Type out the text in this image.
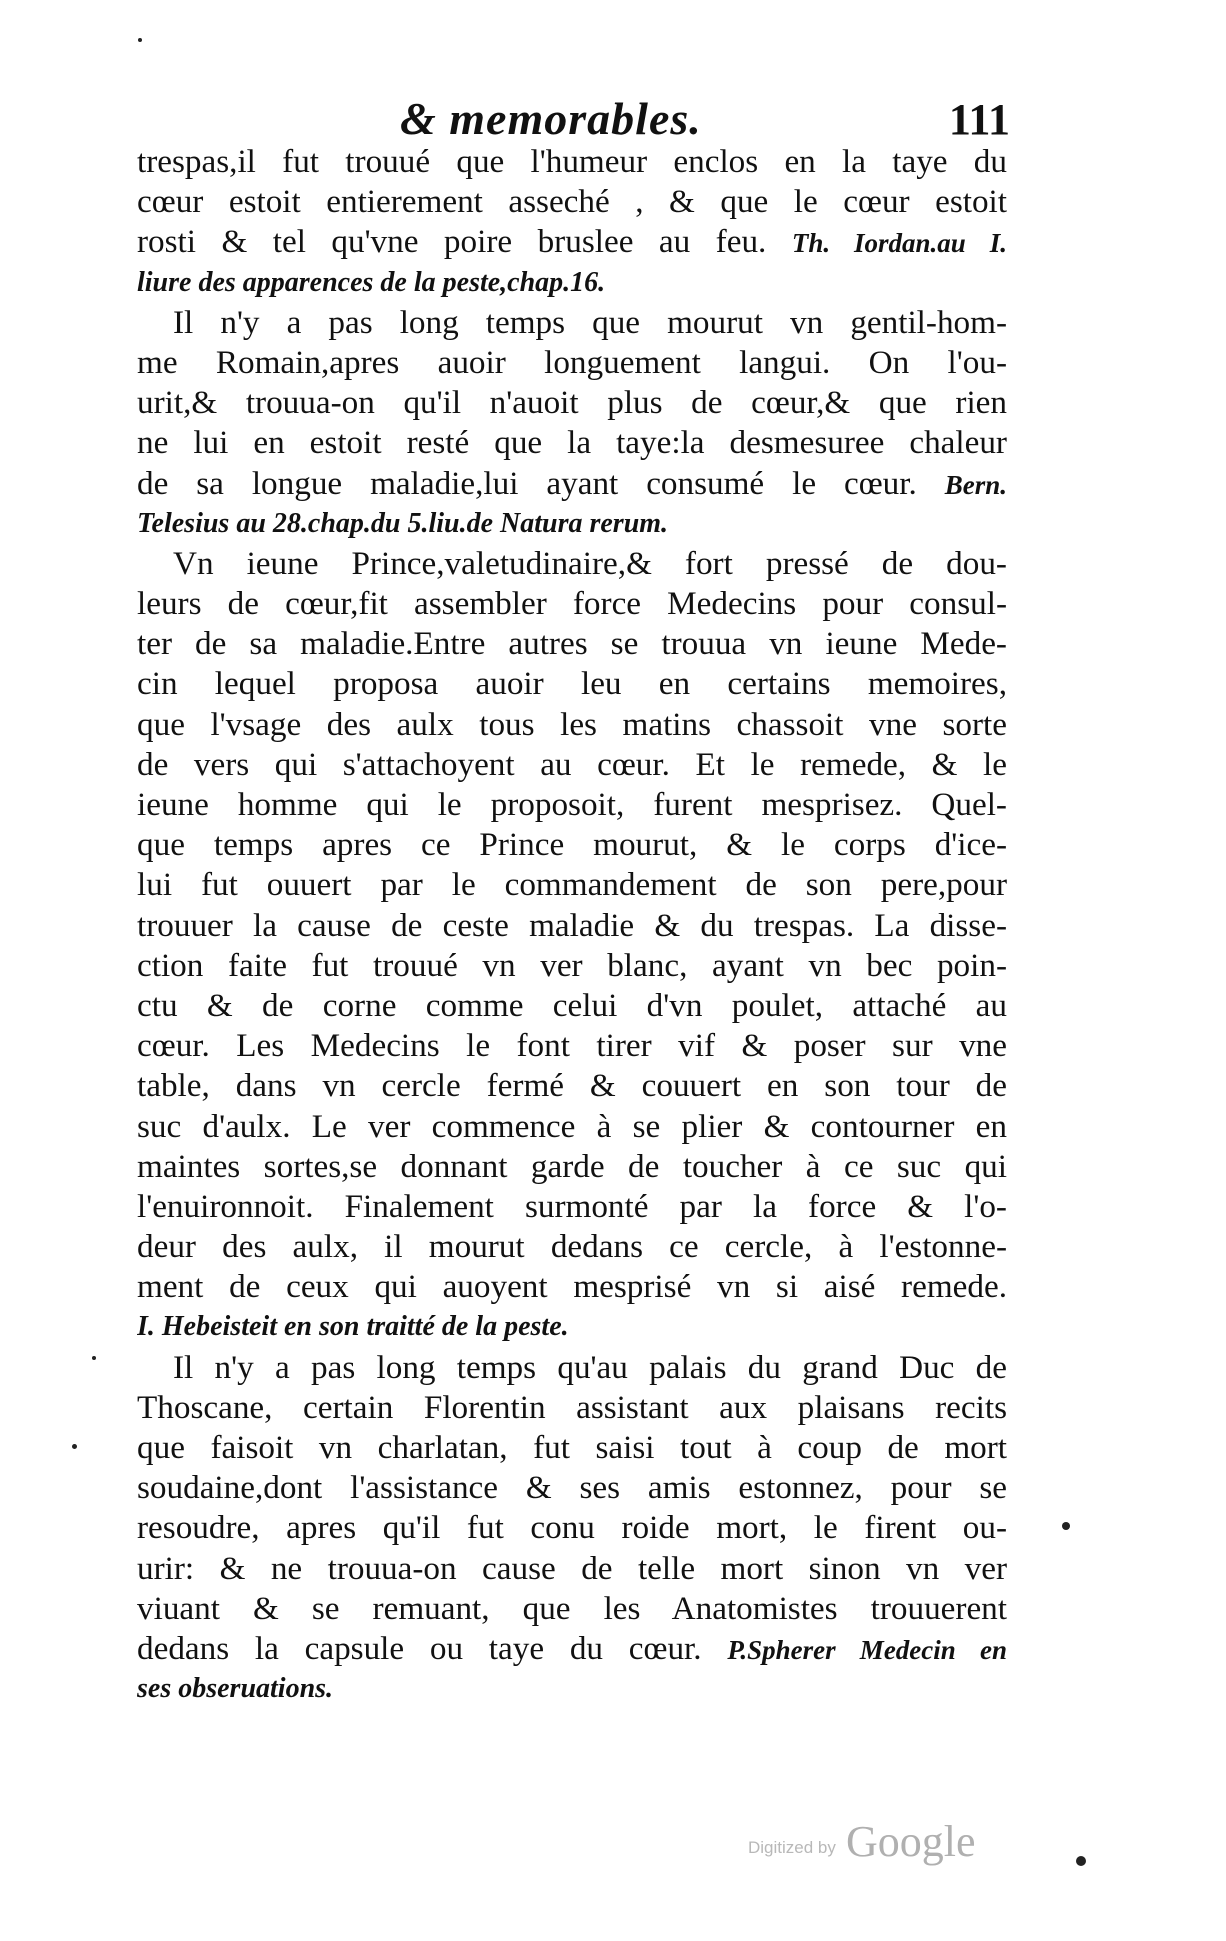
& memorables.	111
trespas,il fut trouué que l'humeur enclos en la taye du
cœur estoit entierement asseché , & que le cœur estoit
rosti & tel qu'vne poire bruslee au feu. Th. Iordan.au I.
liure des apparences de la peste,chap.16.
Il n'y a pas long temps que mourut vn gentil-hom-
me Romain,apres auoir longuement langui. On l'ou-
urit,& trouua-on qu'il n'auoit plus de cœur,& que rien
ne lui en estoit resté que la taye:la desmesuree chaleur
de sa longue maladie,lui ayant consumé le cœur. Bern.
Telesius au 28.chap.du 5.liu.de Natura rerum.
Vn ieune Prince,valetudinaire,& fort pressé de dou-
leurs de cœur,fit assembler force Medecins pour consul-
ter de sa maladie.Entre autres se trouua vn ieune Mede-
cin lequel proposa auoir leu en certains memoires,
que l'vsage des aulx tous les matins chassoit vne sorte
de vers qui s'attachoyent au cœur. Et le remede, & le
ieune homme qui le proposoit, furent mesprisez. Quel-
que temps apres ce Prince mourut, & le corps d'ice-
lui fut ouuert par le commandement de son pere,pour
trouuer la cause de ceste maladie & du trespas. La disse-
ction faite fut trouué vn ver blanc, ayant vn bec poin-
ctu & de corne comme celui d'vn poulet, attaché au
cœur. Les Medecins le font tirer vif & poser sur vne
table, dans vn cercle fermé & couuert en son tour de
suc d'aulx. Le ver commence à se plier & contourner en
maintes sortes,se donnant garde de toucher à ce suc qui
l'enuironnoit. Finalement surmonté par la force & l'o-
deur des aulx, il mourut dedans ce cercle, à l'estonne-
ment de ceux qui auoyent mesprisé vn si aisé remede.
I. Hebeisteit en son traitté de la peste.
Il n'y a pas long temps qu'au palais du grand Duc de
Thoscane, certain Florentin assistant aux plaisans recits
que faisoit vn charlatan, fut saisi tout à coup de mort
soudaine,dont l'assistance & ses amis estonnez, pour se
resoudre, apres qu'il fut conu roide mort, le firent ou-
urir: & ne trouua-on cause de telle mort sinon vn ver
viuant & se remuant, que les Anatomistes trouuerent
dedans la capsule ou taye du cœur. P.Spherer Medecin en
ses obseruations.
Digitized by Google
